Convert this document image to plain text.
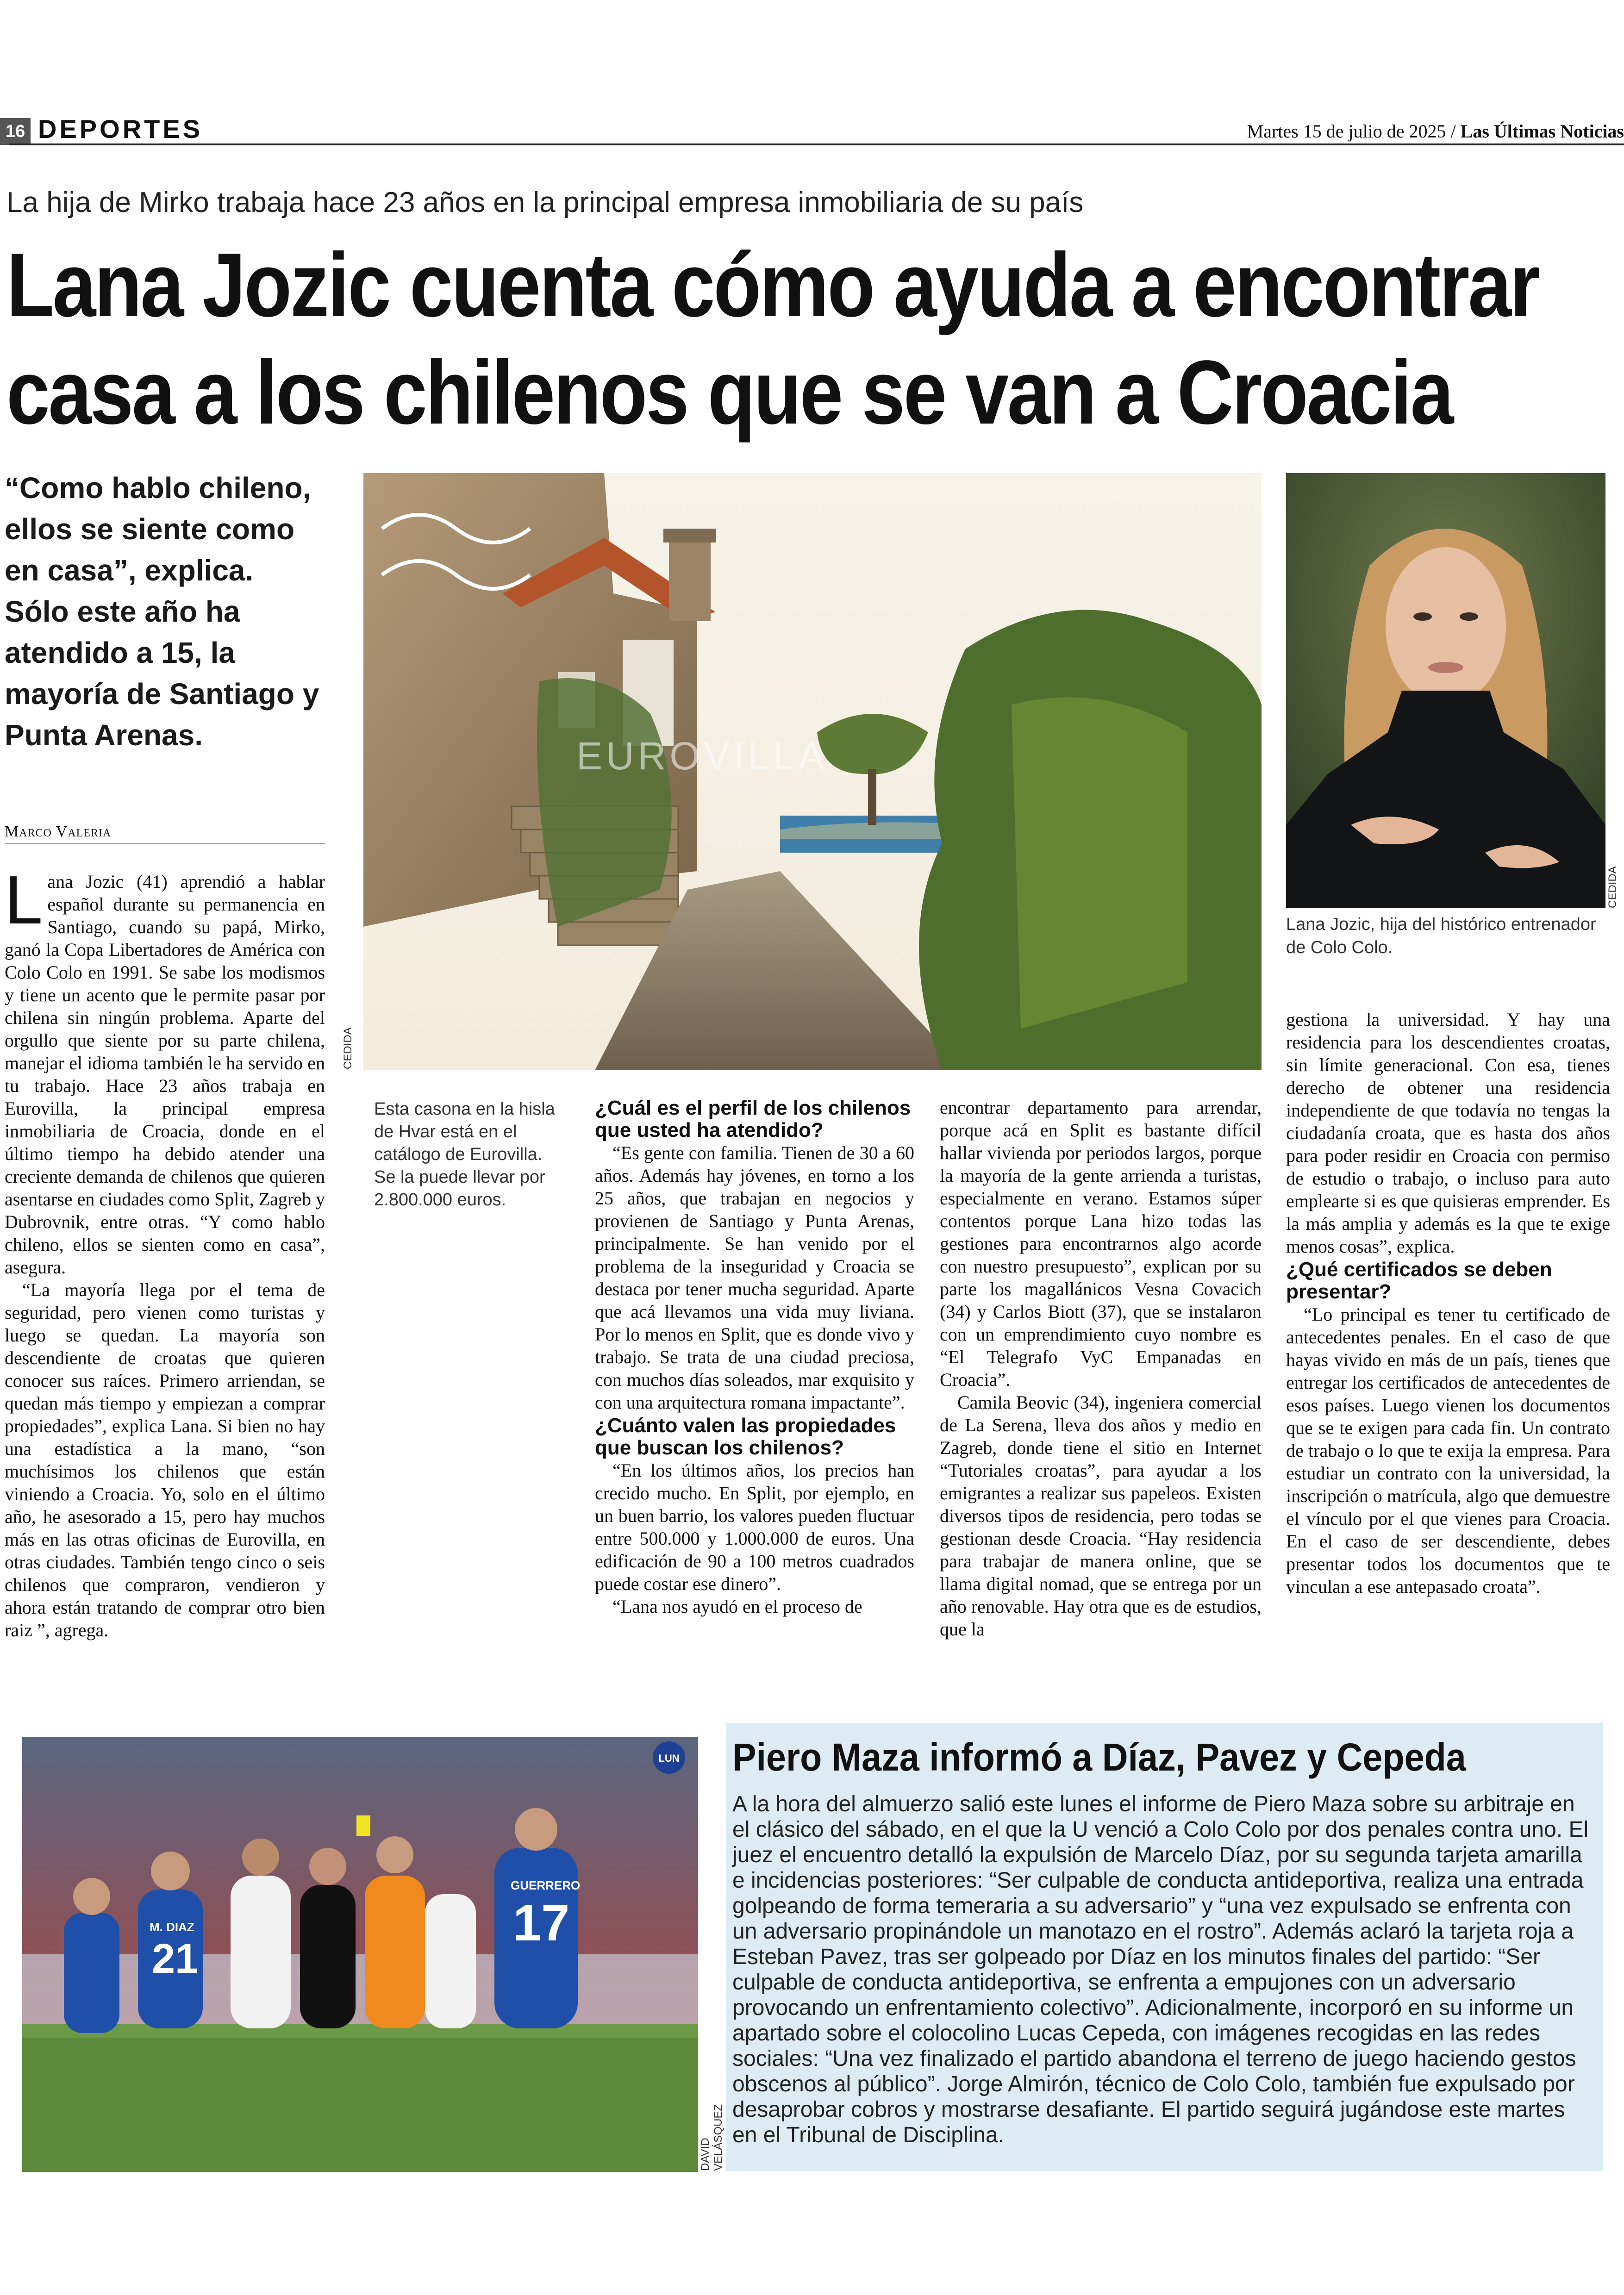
16 DEPORTES	Martes 15 de julio de 2025 / Las Últimas Noticias
La hija de Mirko trabaja hace 23 años en la principal empresa inmobiliaria de su país
Lana Jozic cuenta cómo ayuda a encontrar
casa a los chilenos que se van a Croacia
“Como hablo chileno, ellos se siente como en casa”, explica. Sólo este año ha atendido a 15, la mayoría de Santiago y Punta Arenas.
Marco Valeria

Lana Jozic (41) aprendió a hablar español durante su permanencia en Santiago, cuando su papá, Mirko, ganó la Copa Libertadores de América con Colo Colo en 1991. Se sabe los modismos y tiene un acento que le permite pasar por chilena sin ningún problema. Aparte del orgullo que siente por su parte chilena, manejar el idioma también le ha servido en tu trabajo. Hace 23 años trabaja en Eurovilla, la principal empresa inmobiliaria de Croacia, donde en el último tiempo ha debido atender una creciente demanda de chilenos que quieren asentarse en ciudades como Split, Zagreb y Dubrovnik, entre otras. “Y como hablo chileno, ellos se sienten como en casa”, asegura.

“La mayoría llega por el tema de seguridad, pero vienen como turistas y luego se quedan. La mayoría son descendiente de croatas que quieren conocer sus raíces. Primero arriendan, se quedan más tiempo y empiezan a comprar propiedades”, explica Lana. Si bien no hay una estadística a la mano, “son muchísimos los chilenos que están viniendo a Croacia. Yo, solo en el último año, he asesorado a 15, pero hay muchos más en las otras oficinas de Eurovilla, en otras ciudades. También tengo cinco o seis chilenos que compraron, vendieron y ahora están tratando de comprar otro bien raiz ”, agrega.

EUROVILLA
CEDIDA
Esta casona en la hisla de Hvar está en el catálogo de Eurovilla. Se la puede llevar por 2.800.000 euros.
¿Cuál es el perfil de los chilenos que usted ha atendido?

“Es gente con familia. Tienen de 30 a 60 años. Además hay jóvenes, en torno a los 25 años, que trabajan en negocios y provienen de Santiago y Punta Arenas, principalmente. Se han venido por el problema de la inseguridad y Croacia se destaca por tener mucha seguridad. Aparte que acá llevamos una vida muy liviana. Por lo menos en Split, que es donde vivo y trabajo. Se trata de una ciudad preciosa, con muchos días soleados, mar exquisito y con una arquitectura romana impactante”.

¿Cuánto valen las propiedades que buscan los chilenos?

“En los últimos años, los precios han crecido mucho. En Split, por ejemplo, en un buen barrio, los valores pueden fluctuar entre 500.000 y 1.000.000 de euros. Una edificación de 90 a 100 metros cuadrados puede costar ese dinero”.

“Lana nos ayudó en el proceso de

encontrar departamento para arrendar, porque acá en Split es bastante difícil hallar vivienda por periodos largos, porque la mayoría de la gente arrienda a turistas, especialmente en verano. Estamos súper contentos porque Lana hizo todas las gestiones para encontrarnos algo acorde con nuestro presupuesto”, explican por su parte los magallánicos Vesna Covacich (34) y Carlos Biott (37), que se instalaron con un emprendimiento cuyo nombre es “El Telegrafo VyC Empanadas en Croacia”.

Camila Beovic (34), ingeniera comercial de La Serena, lleva dos años y medio en Zagreb, donde tiene el sitio en Internet “Tutoriales croatas”, para ayudar a los emigrantes a realizar sus papeleos. Existen diversos tipos de residencia, pero todas se gestionan desde Croacia. “Hay residencia para trabajar de manera online, que se llama digital nomad, que se entrega por un año renovable. Hay otra que es de estudios, que la

CEDIDA
Lana Jozic, hija del histórico entrenador de Colo Colo.

gestiona la universidad. Y hay una residencia para los descendientes croatas, sin límite generacional. Con esa, tienes derecho de obtener una residencia independiente de que todavía no tengas la ciudadanía croata, que es hasta dos años para poder residir en Croacia con permiso de estudio o trabajo, o incluso para auto emplearte si es que quisieras emprender. Es la más amplia y además es la que te exige menos cosas”, explica.

¿Qué certificados se deben presentar?

“Lo principal es tener tu certificado de antecedentes penales. En el caso de que hayas vivido en más de un país, tienes que entregar los certificados de antecedentes de esos países. Luego vienen los documentos que se te exigen para cada fin. Un contrato de trabajo o lo que te exija la empresa. Para estudiar un contrato con la universidad, la inscripción o matrícula, algo que demuestre el vínculo por el que vienes para Croacia. En el caso de ser descendiente, debes presentar todos los documentos que te vinculan a ese antepasado croata”.

M. DIAZ
21
GUERRERO
17
LUN
DAVID VELÁSQUEZ
Piero Maza informó a Díaz, Pavez y Cepeda
A la hora del almuerzo salió este lunes el informe de Piero Maza sobre su arbitraje en el clásico del sábado, en el que la U venció a Colo Colo por dos penales contra uno. El juez el encuentro detalló la expulsión de Marcelo Díaz, por su segunda tarjeta amarilla e incidencias posteriores: “Ser culpable de conducta antideportiva, realiza una entrada golpeando de forma temeraria a su adversario” y “una vez expulsado se enfrenta con un adversario propinándole un manotazo en el rostro”. Además aclaró la tarjeta roja a Esteban Pavez, tras ser golpeado por Díaz en los minutos finales del partido: “Ser culpable de conducta antideportiva, se enfrenta a empujones con un adversario provocando un enfrentamiento colectivo”. Adicionalmente, incorporó en su informe un apartado sobre el colocolino Lucas Cepeda, con imágenes recogidas en las redes sociales: “Una vez finalizado el partido abandona el terreno de juego haciendo gestos obscenos al público”. Jorge Almirón, técnico de Colo Colo, también fue expulsado por desaprobar cobros y mostrarse desafiante. El partido seguirá jugándose este martes en el Tribunal de Disciplina.
